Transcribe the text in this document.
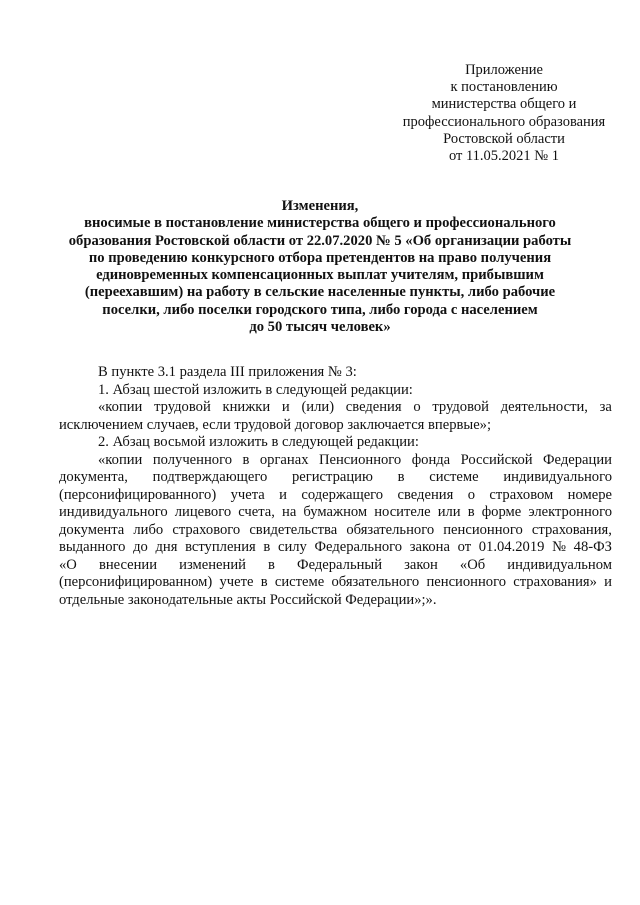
Приложение
к постановлению
министерства общего и
профессионального образования
Ростовской области
от 11.05.2021 № 1
Изменения,
вносимые в постановление министерства общего и профессионального
образования Ростовской области от 22.07.2020 № 5 «Об организации работы
по проведению конкурсного отбора претендентов на право получения
единовременных компенсационных выплат учителям, прибывшим
(переехавшим) на работу в сельские населенные пункты, либо рабочие
поселки, либо поселки городского типа, либо города с населением
до 50 тысяч человек»
В пункте 3.1 раздела III приложения № 3:
1. Абзац шестой изложить в следующей редакции:
«копии трудовой книжки и (или) сведения о трудовой деятельности, за
исключением случаев, если трудовой договор заключается впервые»;
2. Абзац восьмой изложить в следующей редакции:
«копии полученного в органах Пенсионного фонда Российской Федерации
документа, подтверждающего регистрацию в системе индивидуального
(персонифицированного) учета и содержащего сведения о страховом номере
индивидуального лицевого счета, на бумажном носителе или в форме электронного
документа либо страхового свидетельства обязательного пенсионного страхования,
выданного до дня вступления в силу Федерального закона от 01.04.2019 № 48-ФЗ
«О внесении изменений в Федеральный закон «Об индивидуальном
(персонифицированном) учете в системе обязательного пенсионного страхования» и
отдельные законодательные акты Российской Федерации»;».
